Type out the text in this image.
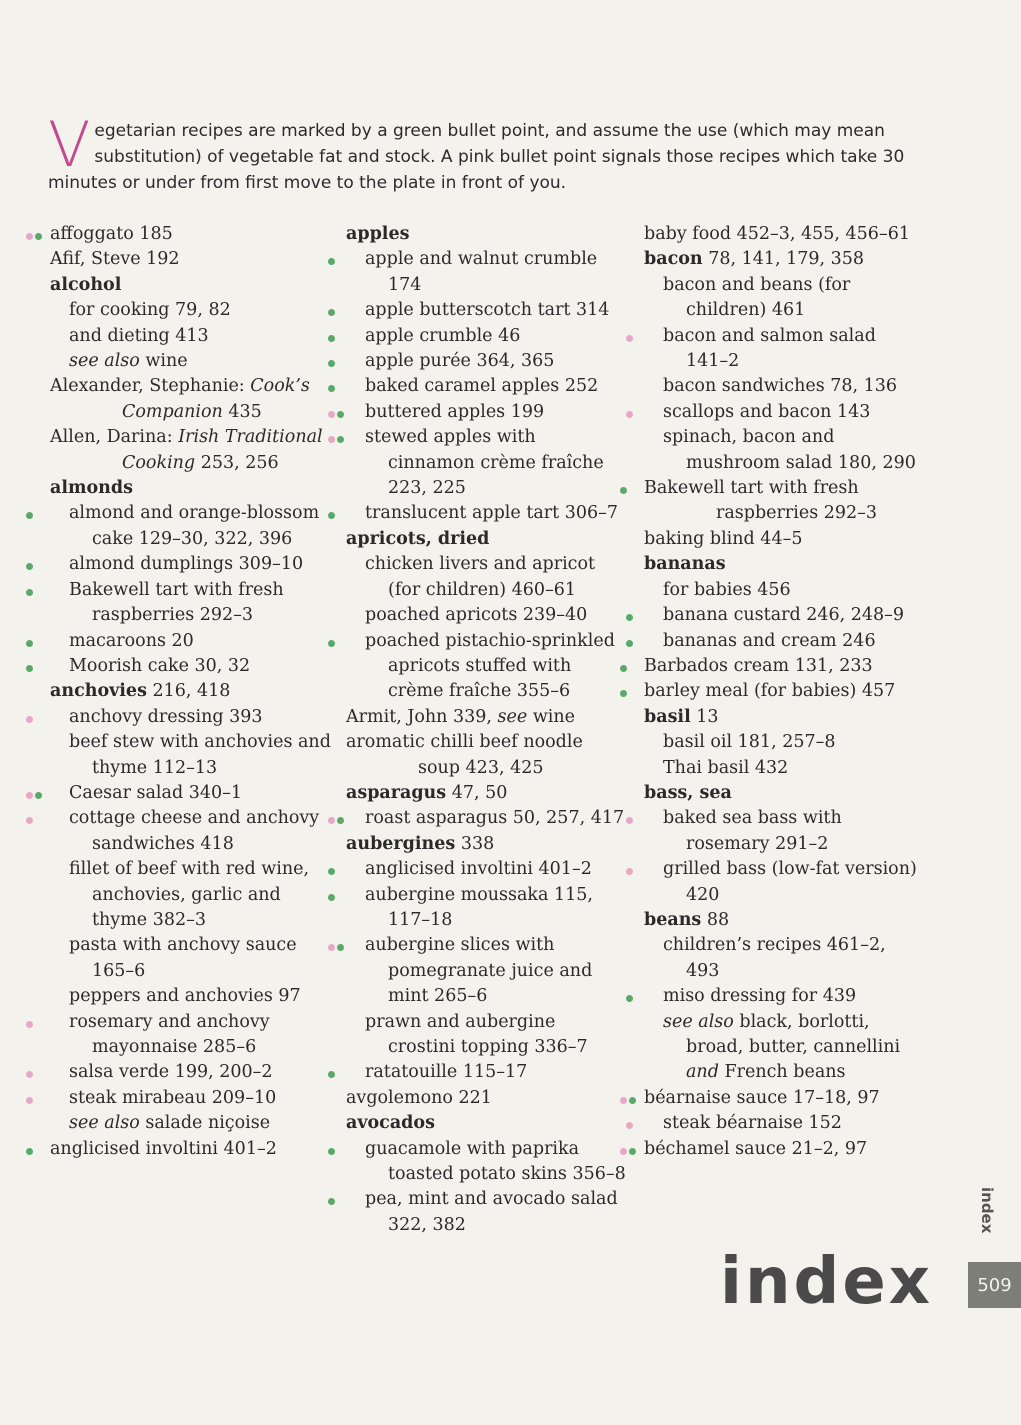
V egetarian recipes are marked by a green bullet point, and assume the use (which may mean substitution) of vegetable fat and stock. A pink bullet point signals those recipes which take 30 minutes or under from first move to the plate in front of you.
affoggato 185
Afif, Steve 192
alcohol
for cooking 79, 82
and dieting 413
see also wine
Alexander, Stephanie: Cook’s Companion 435
Allen, Darina: Irish Traditional Cooking 253, 256
almonds
almond and orange-blossom cake 129–30, 322, 396
almond dumplings 309–10
Bakewell tart with fresh raspberries 292–3
macaroons 20
Moorish cake 30, 32
anchovies 216, 418
anchovy dressing 393
beef stew with anchovies and thyme 112–13
Caesar salad 340–1
cottage cheese and anchovy sandwiches 418
fillet of beef with red wine, anchovies, garlic and thyme 382–3
pasta with anchovy sauce 165–6
peppers and anchovies 97
rosemary and anchovy mayonnaise 285–6
salsa verde 199, 200–2
steak mirabeau 209–10
see also salade niçoise
anglicised involtini 401–2
apples
apple and walnut crumble 174
apple butterscotch tart 314
apple crumble 46
apple purée 364, 365
baked caramel apples 252
buttered apples 199
stewed apples with cinnamon crème fraîche 223, 225
translucent apple tart 306–7
apricots, dried
chicken livers and apricot (for children) 460–61
poached apricots 239–40
poached pistachio-sprinkled apricots stuffed with crème fraîche 355–6
Armit, John 339, see wine
aromatic chilli beef noodle soup 423, 425
asparagus 47, 50
roast asparagus 50, 257, 417
aubergines 338
anglicised involtini 401–2
aubergine moussaka 115, 117–18
aubergine slices with pomegranate juice and mint 265–6
prawn and aubergine crostini topping 336–7
ratatouille 115–17
avgolemono 221
avocados
guacamole with paprika toasted potato skins 356–8
pea, mint and avocado salad 322, 382
baby food 452–3, 455, 456–61
bacon 78, 141, 179, 358
bacon and beans (for children) 461
bacon and salmon salad 141–2
bacon sandwiches 78, 136
scallops and bacon 143
spinach, bacon and mushroom salad 180, 290
Bakewell tart with fresh raspberries 292–3
baking blind 44–5
bananas
for babies 456
banana custard 246, 248–9
bananas and cream 246
Barbados cream 131, 233
barley meal (for babies) 457
basil 13
basil oil 181, 257–8
Thai basil 432
bass, sea
baked sea bass with rosemary 291–2
grilled bass (low-fat version) 420
beans 88
children’s recipes 461–2, 493
miso dressing for 439
see also black, borlotti, broad, butter, cannellini and French beans
béarnaise sauce 17–18, 97
steak béarnaise 152
béchamel sauce 21–2, 97
index
index	509
